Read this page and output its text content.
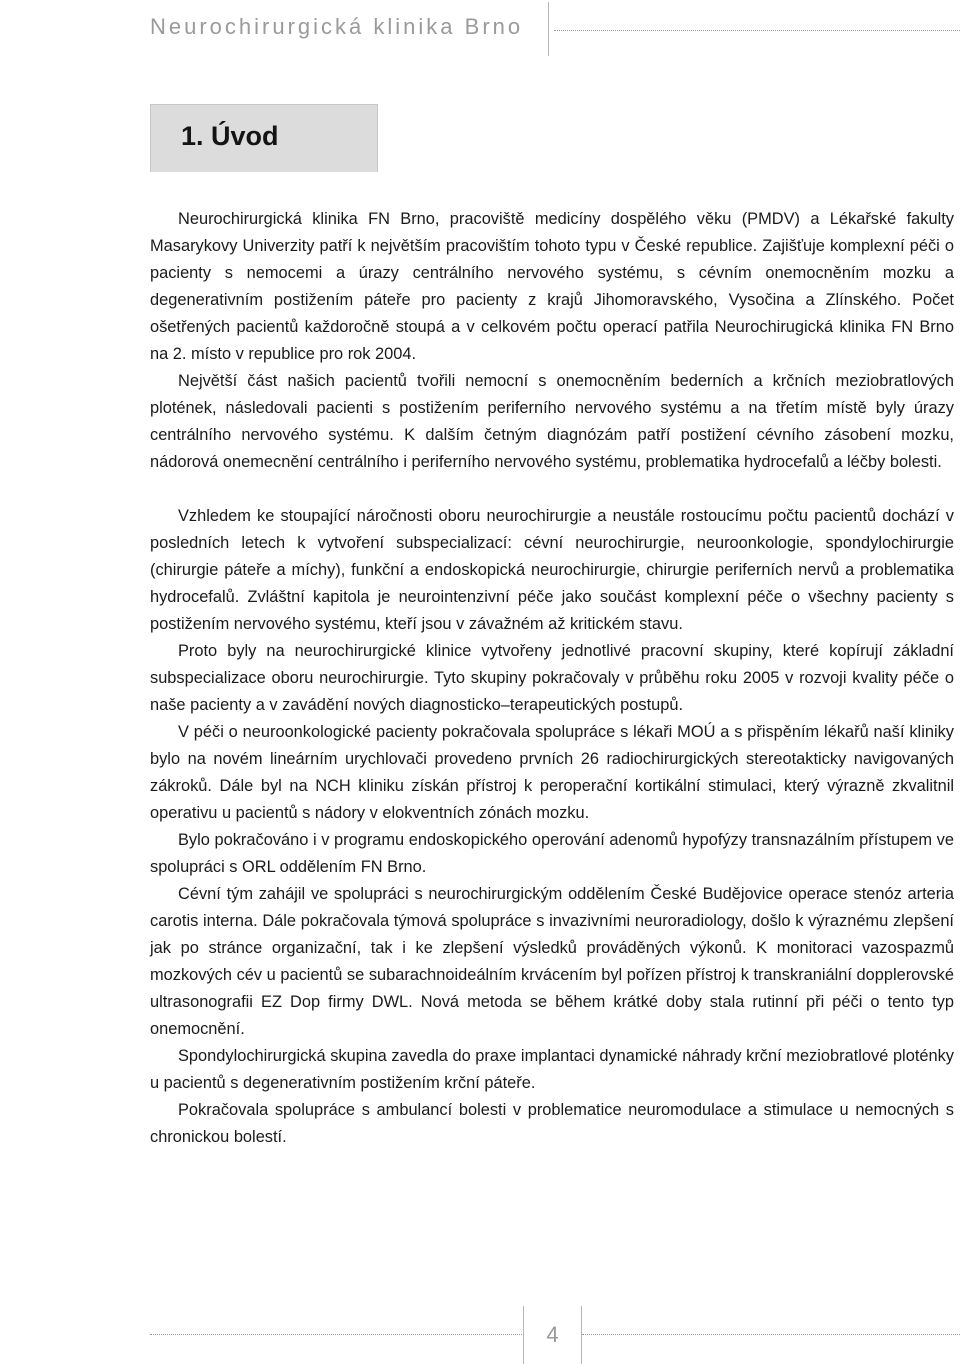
Neurochirurgická klinika Brno
1. Úvod

Neurochirurgická klinika FN Brno, pracoviště medicíny dospělého věku (PMDV) a Lékařské fakulty Masarykovy Univerzity patří k největším pracovištím tohoto typu v České republice. Zajišťuje komplexní péči o pacienty s nemocemi a úrazy centrálního nervového systému, s cévním onemocněním mozku a degenerativním postižením páteře pro pacienty z krajů Jihomoravského, Vysočina a Zlínského. Počet ošetřených pacientů každoročně stoupá a v celkovém počtu operací patřila Neurochirugická klinika FN Brno na 2. místo v republice pro rok 2004.

Největší část našich pacientů tvořili nemocní s onemocněním bederních a krčních meziobratlových plotének, následovali pacienti s postižením periferního nervového systému a na třetím místě byly úrazy centrálního nervového systému. K dalším četným diagnózám patří postižení cévního zásobení mozku, nádorová onemecnění centrálního i periferního nervového systému, problematika hydrocefalů a léčby bolesti.

Vzhledem ke stoupající náročnosti oboru neurochirurgie a neustále rostoucímu počtu pacientů dochází v posledních letech k vytvoření subspecializací: cévní neurochirurgie, neuroonkologie, spondylochirurgie (chirurgie páteře a míchy), funkční a endoskopická neurochirurgie, chirurgie periferních nervů a problematika hydrocefalů. Zvláštní kapitola je neurointenzivní péče jako součást komplexní péče o všechny pacienty s postižením nervového systému, kteří jsou v závažném až kritickém stavu.

Proto byly na neurochirurgické klinice vytvořeny jednotlivé pracovní skupiny, které kopírují základní subspecializace oboru neurochirurgie. Tyto skupiny pokračovaly v průběhu roku 2005 v rozvoji kvality péče o naše pacienty a v zavádění nových diagnosticko–terapeutických postupů.

V péči o neuroonkologické pacienty pokračovala spolupráce s lékaři MOÚ a s přispěním lékařů naší kliniky bylo na novém lineárním urychlovači provedeno prvních 26 radiochirurgických stereotakticky navigovaných zákroků. Dále byl na NCH kliniku získán přístroj k peroperační kortikální stimulaci, který výrazně zkvalitnil operativu u pacientů s nádory v elokventních zónách mozku.

Bylo pokračováno i v programu endoskopického operování adenomů hypofýzy transnazálním přístupem ve spolupráci s ORL oddělením FN Brno.

Cévní tým zahájil ve spolupráci s neurochirurgickým oddělením České Budějovice operace stenóz arteria carotis interna. Dále pokračovala týmová spolupráce s invazivními neuroradiology, došlo k výraznému zlepšení jak po stránce organizační, tak i ke zlepšení výsledků prováděných výkonů. K monitoraci vazospazmů mozkových cév u pacientů se subarachnoideálním krvácením byl pořízen přístroj k transkraniální dopplerovské ultrasonografii EZ Dop firmy DWL. Nová metoda se během krátké doby stala rutinní při péči o tento typ onemocnění.

Spondylochirurgická skupina zavedla do praxe implantaci dynamické náhrady krční meziobratlové ploténky u pacientů s degenerativním postižením krční páteře.

Pokračovala spolupráce s ambulancí bolesti v problematice neuromodulace a stimulace u nemocných s chronickou bolestí.

4
